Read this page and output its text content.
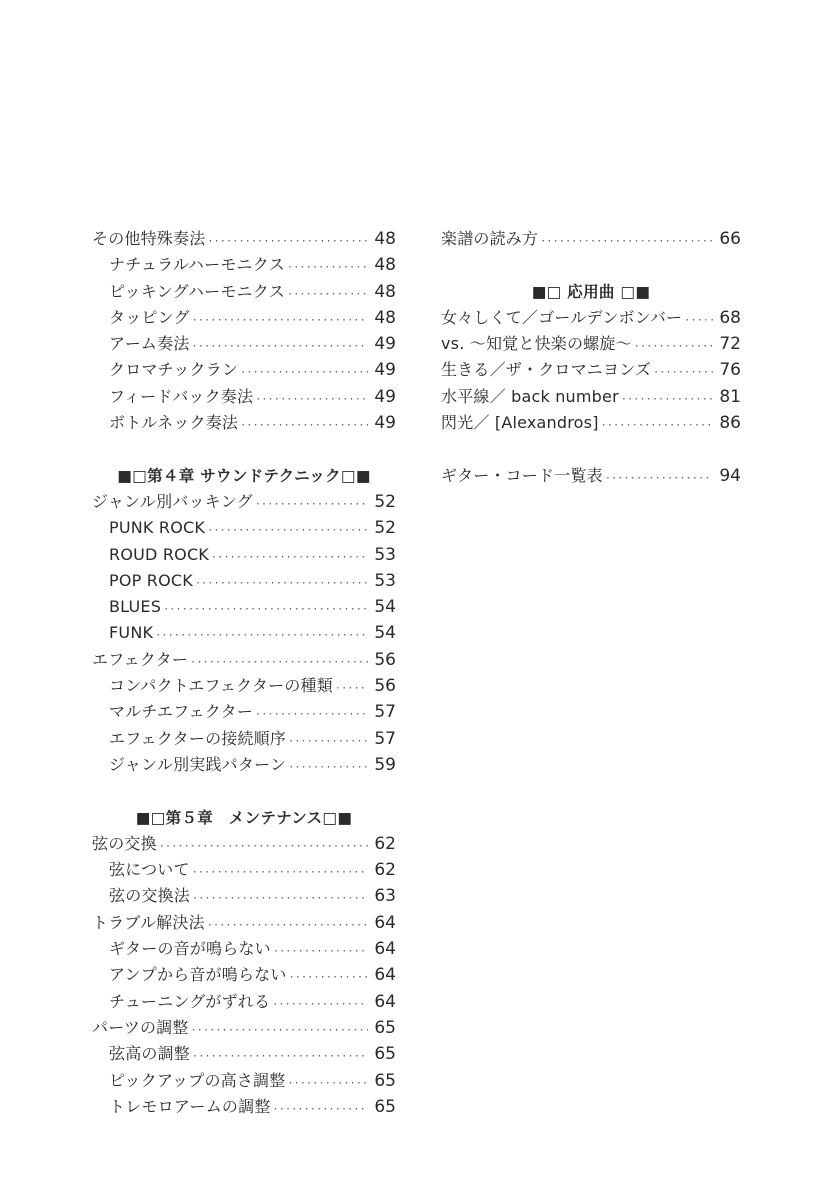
その他特殊奏法 ·····	48
ナチュラルハーモニクス ·····	48
ピッキングハーモニクス ·····	48
タッピング ·····	48
アーム奏法 ·····	49
クロマチックラン ·····	49
フィードバック奏法 ·····	49
ボトルネック奏法 ·····	49
■□第４章 サウンドテクニック□■
ジャンル別バッキング ·····	52
PUNK ROCK ·····	52
ROUD ROCK ·····	53
POP ROCK ·····	53
BLUES ·····	54
FUNK ·····	54
エフェクター ·····	56
コンパクトエフェクターの種類 ····· 56
マルチエフェクター ·····	57
エフェクターの接続順序 ·····	57
ジャンル別実践パターン ·····	59
■□第５章　メンテナンス□■
弦の交換 ·····	62
弦について ·····	62
弦の交換法 ·····	63
トラブル解決法 ·····	64
ギターの音が鳴らない ·····	64
アンプから音が鳴らない ·····	64
チューニングがずれる ·····	64
パーツの調整 ·····	65
弦高の調整 ·····	65
ピックアップの高さ調整 ·····	65
トレモロアームの調整 ·····	65
楽譜の読み方 ·····	66
■□ 応用曲 □■
女々しくて／ゴールデンボンバー ····· 68
vs. 〜知覚と快楽の螺旋〜 ·····	72
生きる／ザ・クロマニヨンズ ·····	76
水平線／ back number ·····	81
閃光／ [Alexandros] ·····	86
ギター・コード一覧表 ·····	94
